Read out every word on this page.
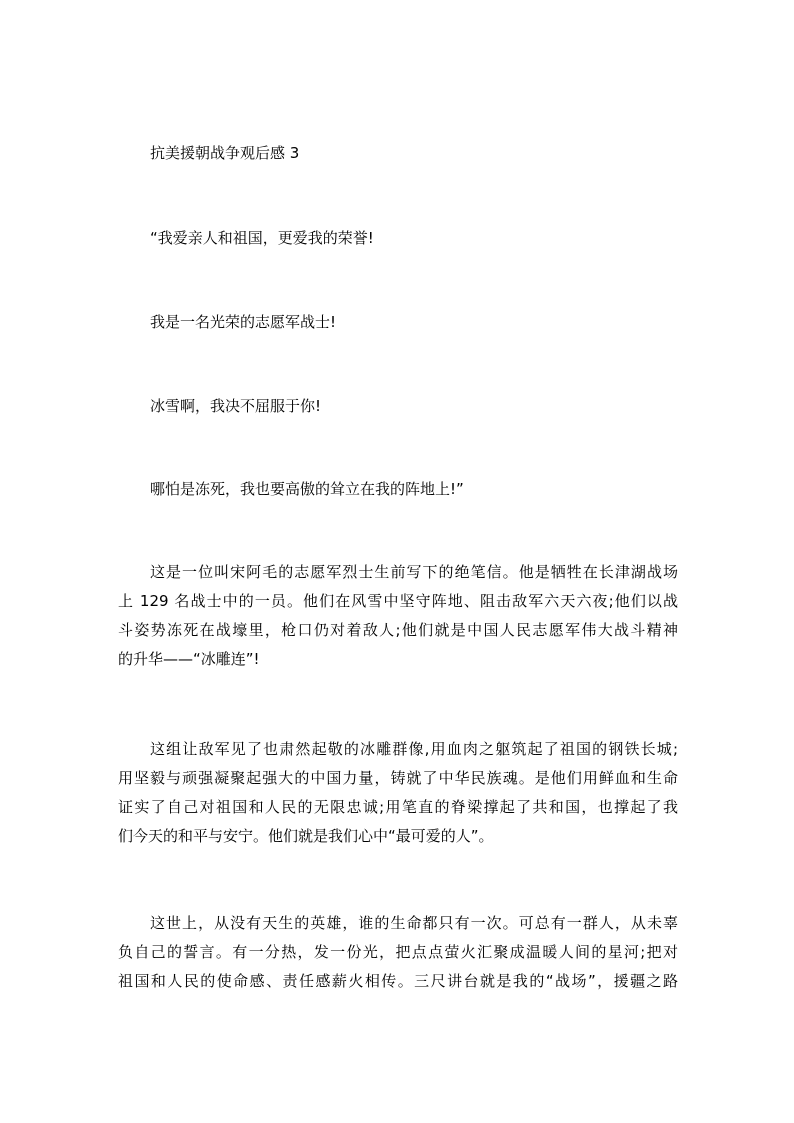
抗美援朝战争观后感 3
“我爱亲人和祖国，更爱我的荣誉!
我是一名光荣的志愿军战士!
冰雪啊，我决不屈服于你!
哪怕是冻死，我也要高傲的耸立在我的阵地上!”
这是一位叫宋阿毛的志愿军烈士生前写下的绝笔信。他是牺牲在长津湖战场
上 129 名战士中的一员。他们在风雪中坚守阵地、阻击敌军六天六夜;他们以战
斗姿势冻死在战壕里，枪口仍对着敌人;他们就是中国人民志愿军伟大战斗精神
的升华——“冰雕连”!
这组让敌军见了也肃然起敬的冰雕群像,用血肉之躯筑起了祖国的钢铁长城;
用坚毅与顽强凝聚起强大的中国力量，铸就了中华民族魂。是他们用鲜血和生命
证实了自己对祖国和人民的无限忠诚;用笔直的脊梁撑起了共和国，也撑起了我
们今天的和平与安宁。他们就是我们心中“最可爱的人”。
这世上，从没有天生的英雄，谁的生命都只有一次。可总有一群人，从未辜
负自己的誓言。有一分热，发一份光，把点点萤火汇聚成温暖人间的星河;把对
祖国和人民的使命感、责任感薪火相传。三尺讲台就是我的“战场”，援疆之路
